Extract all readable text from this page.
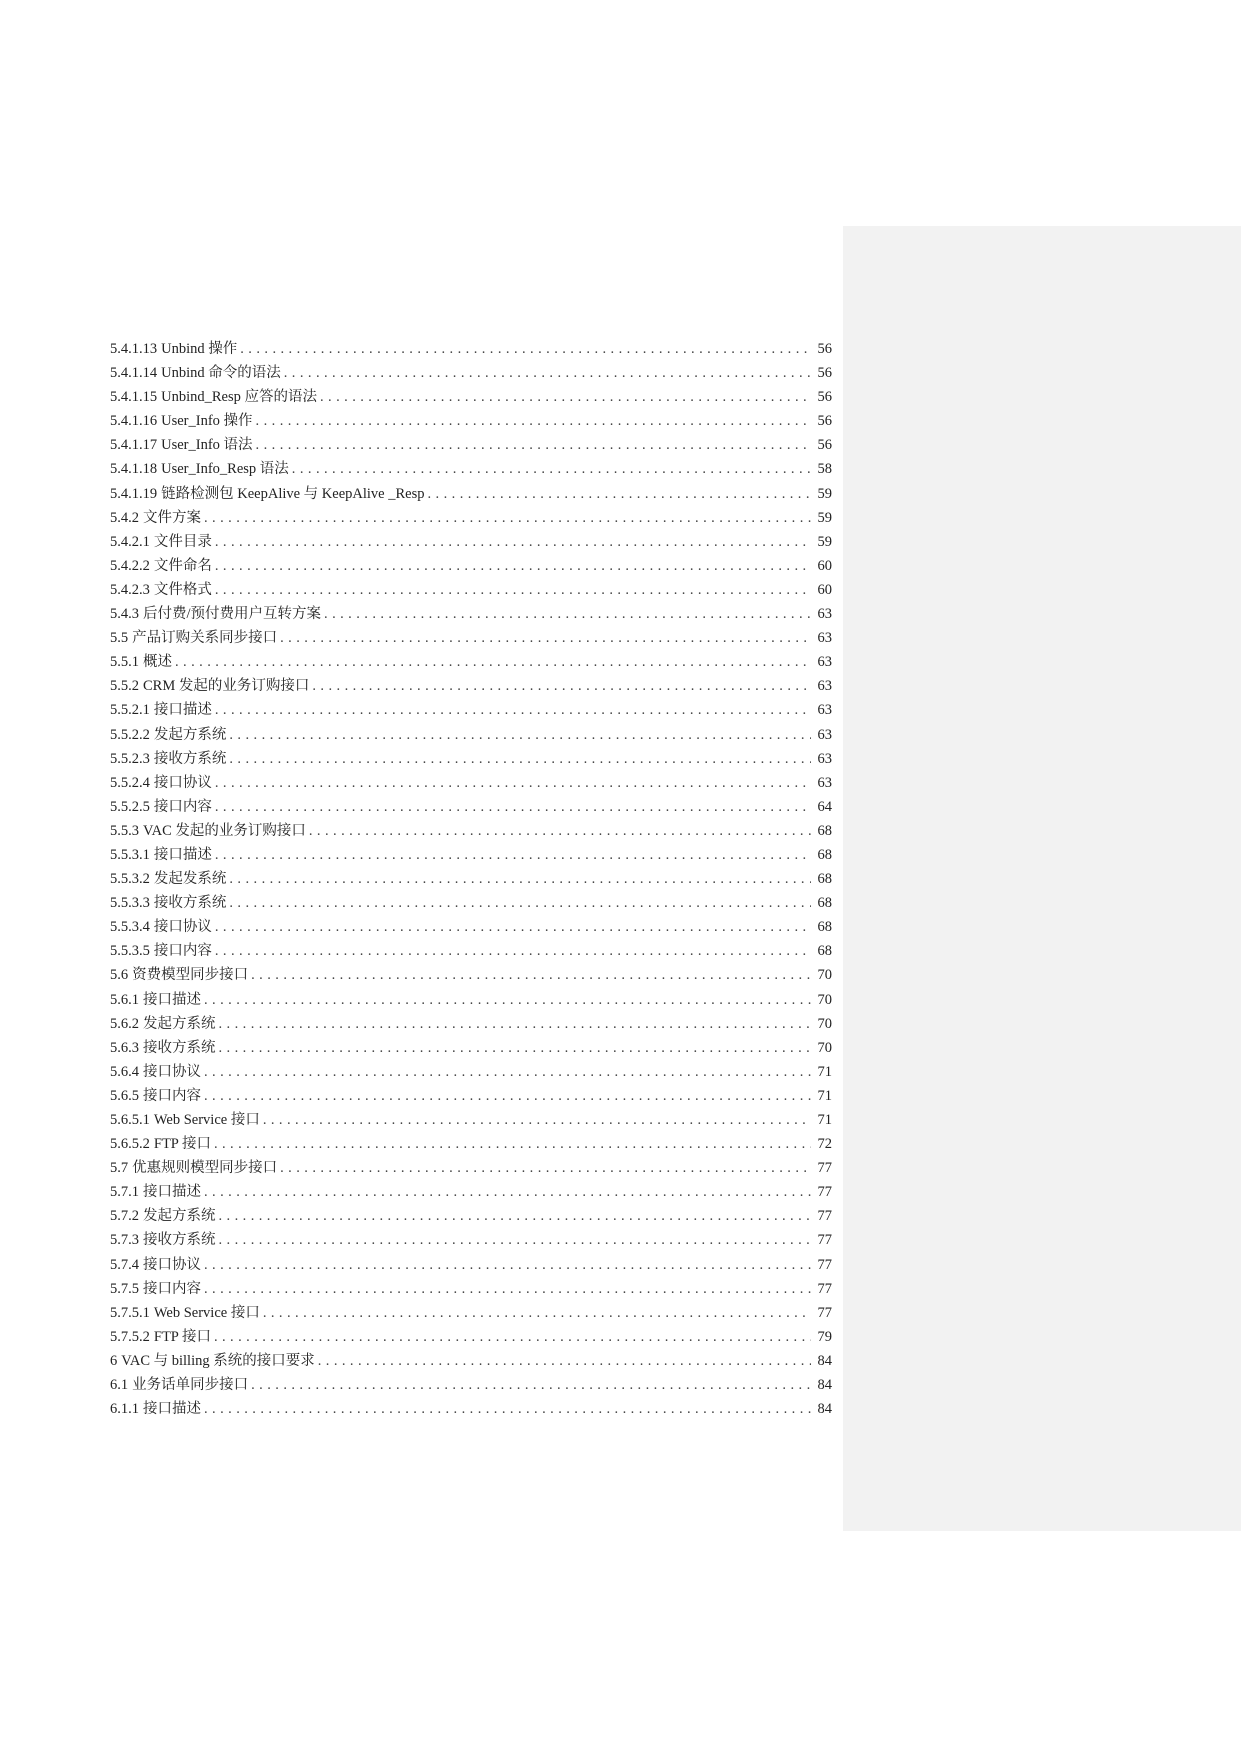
5.4.1.13 Unbind 操作 . . .	56
5.4.1.14 Unbind 命令的语法 . . .	56
5.4.1.15 Unbind_Resp 应答的语法 . . .	56
5.4.1.16 User_Info 操作 . . .	56
5.4.1.17 User_Info 语法 . . .	56
5.4.1.18 User_Info_Resp 语法 . . .	58
5.4.1.19 链路检测包 KeepAlive 与 KeepAlive _Resp . . .	59
5.4.2 文件方案 . . .	59
5.4.2.1 文件目录 . . .	59
5.4.2.2 文件命名 . . .	60
5.4.2.3 文件格式 . . .	60
5.4.3 后付费/预付费用户互转方案 . . .	63
5.5 产品订购关系同步接口 . . .	63
5.5.1 概述 . . .	63
5.5.2 CRM 发起的业务订购接口 . . .	63
5.5.2.1 接口描述 . . .	63
5.5.2.2 发起方系统 . . .	63
5.5.2.3 接收方系统 . . .	63
5.5.2.4 接口协议 . . .	63
5.5.2.5 接口内容 . . .	64
5.5.3 VAC 发起的业务订购接口 . . .	68
5.5.3.1 接口描述 . . .	68
5.5.3.2 发起发系统 . . .	68
5.5.3.3 接收方系统 . . .	68
5.5.3.4 接口协议 . . .	68
5.5.3.5 接口内容 . . .	68
5.6 资费模型同步接口 . . .	70
5.6.1 接口描述 . . .	70
5.6.2 发起方系统 . . .	70
5.6.3 接收方系统 . . .	70
5.6.4 接口协议 . . .	71
5.6.5 接口内容 . . .	71
5.6.5.1 Web Service 接口 . . .	71
5.6.5.2 FTP 接口 . . .	72
5.7 优惠规则模型同步接口 . . .	77
5.7.1 接口描述 . . .	77
5.7.2 发起方系统 . . .	77
5.7.3 接收方系统 . . .	77
5.7.4 接口协议 . . .	77
5.7.5 接口内容 . . .	77
5.7.5.1 Web Service 接口 . . .	77
5.7.5.2 FTP 接口 . . .	79
6 VAC 与 billing 系统的接口要求 . . .	84
6.1 业务话单同步接口 . . .	84
6.1.1 接口描述 . . .	84
